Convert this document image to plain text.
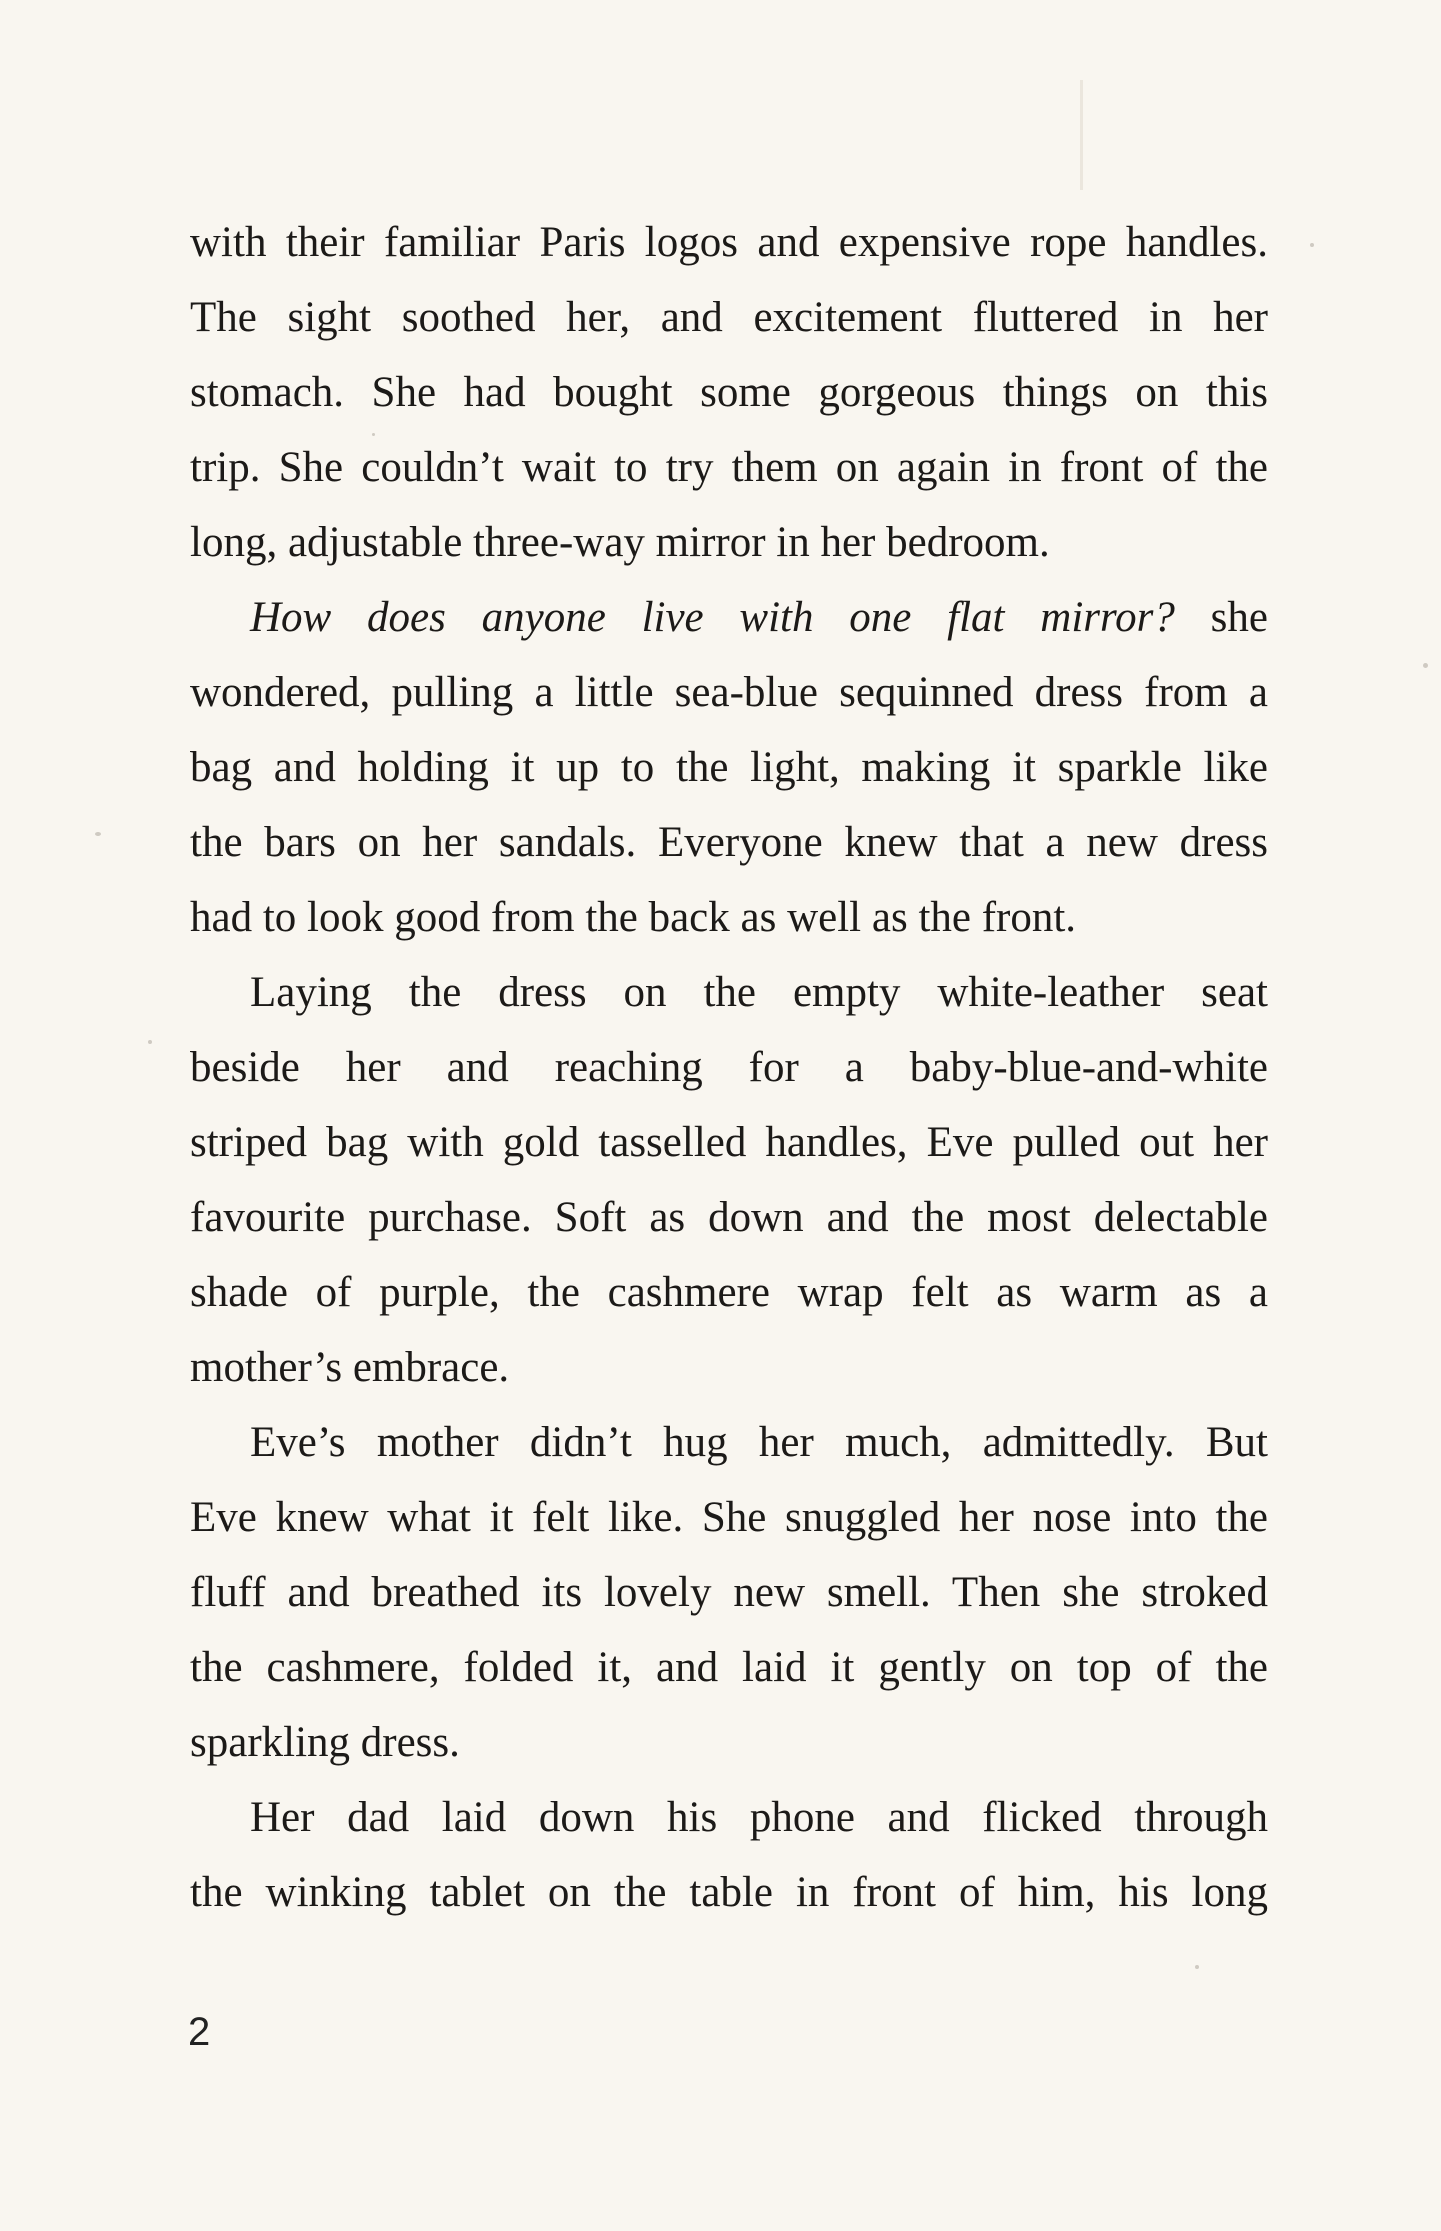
with their familiar Paris logos and expensive rope handles.
The sight soothed her, and excitement fluttered in her
stomach. She had bought some gorgeous things on this
trip. She couldn’t wait to try them on again in front of the
long, adjustable three-way mirror in her bedroom.
How does anyone live with one flat mirror? she
wondered, pulling a little sea-blue sequinned dress from a
bag and holding it up to the light, making it sparkle like
the bars on her sandals. Everyone knew that a new dress
had to look good from the back as well as the front.
Laying the dress on the empty white-leather seat
beside her and reaching for a baby-blue-and-white
striped bag with gold tasselled handles, Eve pulled out her
favourite purchase. Soft as down and the most delectable
shade of purple, the cashmere wrap felt as warm as a
mother’s embrace.
Eve’s mother didn’t hug her much, admittedly. But
Eve knew what it felt like. She snuggled her nose into the
fluff and breathed its lovely new smell. Then she stroked
the cashmere, folded it, and laid it gently on top of the
sparkling dress.
Her dad laid down his phone and flicked through
the winking tablet on the table in front of him, his long
2
